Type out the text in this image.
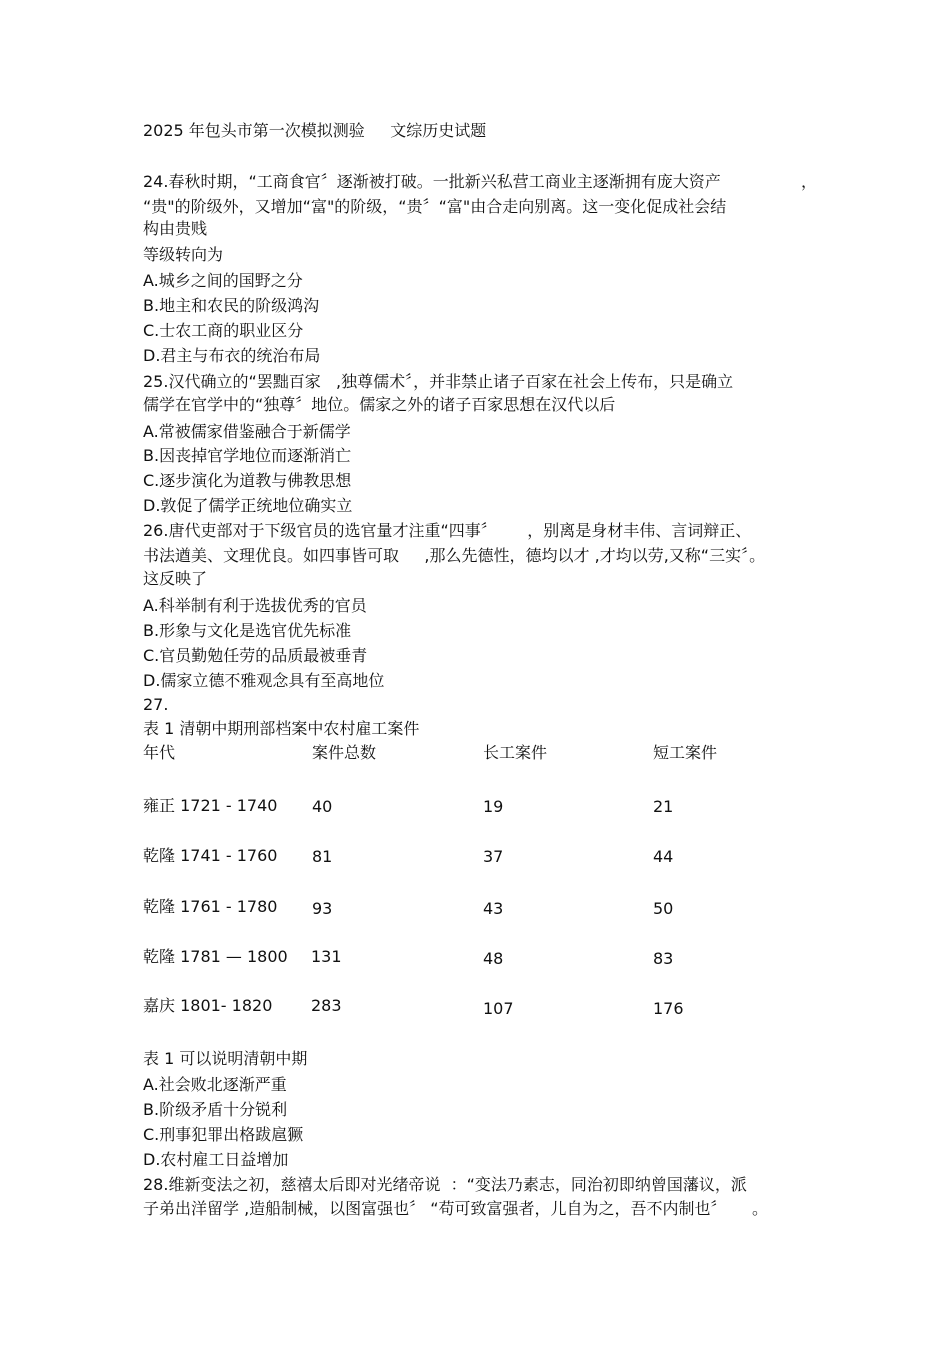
2025 年包头市第一次模拟测验     文综历史试题
24.春秋时期，“工商食官〞逐渐被打破。一批新兴私营工商业主逐渐拥有庞大资产	，
“贵"的阶级外，又增加“富"的阶级，“贵〞“富"由合走向别离。这一变化促成社会结
构由贵贱
等级转向为
A.城乡之间的国野之分
B.地主和农民的阶级鸿沟
C.士农工商的职业区分
D.君主与布衣的统治布局
25.汉代确立的“罢黜百家   ,独尊儒术〞，并非禁止诸子百家在社会上传布，只是确立
儒学在官学中的“独尊〞地位。儒家之外的诸子百家思想在汉代以后
A.常被儒家借鉴融合于新儒学
B.因丧掉官学地位而逐渐消亡
C.逐步演化为道教与佛教思想
D.敦促了儒学正统地位确实立
26.唐代吏部对于下级官员的选官量才注重“四事〞      ，别离是身材丰伟、言词辩正、
书法遒美、文理优良。如四事皆可取     ,那么先德性，德均以才 ,才均以劳,又称“三实〞。
这反映了
A.科举制有利于选拔优秀的官员
B.形象与文化是选官优先标准
C.官员勤勉任劳的品质最被垂青
D.儒家立德不雅观念具有至高地位
27.
表 1 清朝中期刑部档案中农村雇工案件
年代	案件总数	长工案件	短工案件
雍正 1721 - 1740 40	19	21
乾隆 1741 - 1760 81	37	44
乾隆 1761 - 1780 93	43	50
乾隆 1781 — 1800 131	48	83
嘉庆 1801- 1820 283	107	176
表 1 可以说明清朝中期
A.社会败北逐渐严重
B.阶级矛盾十分锐利
C.刑事犯罪出格跋扈獗
D.农村雇工日益增加
28.维新变法之初，慈禧太后即对光绪帝说  ：“变法乃素志，同治初即纳曾国藩议，派
子弟出洋留学 ,造船制械，以图富强也〞 “苟可致富强者，儿自为之，吾不内制也〞     。
